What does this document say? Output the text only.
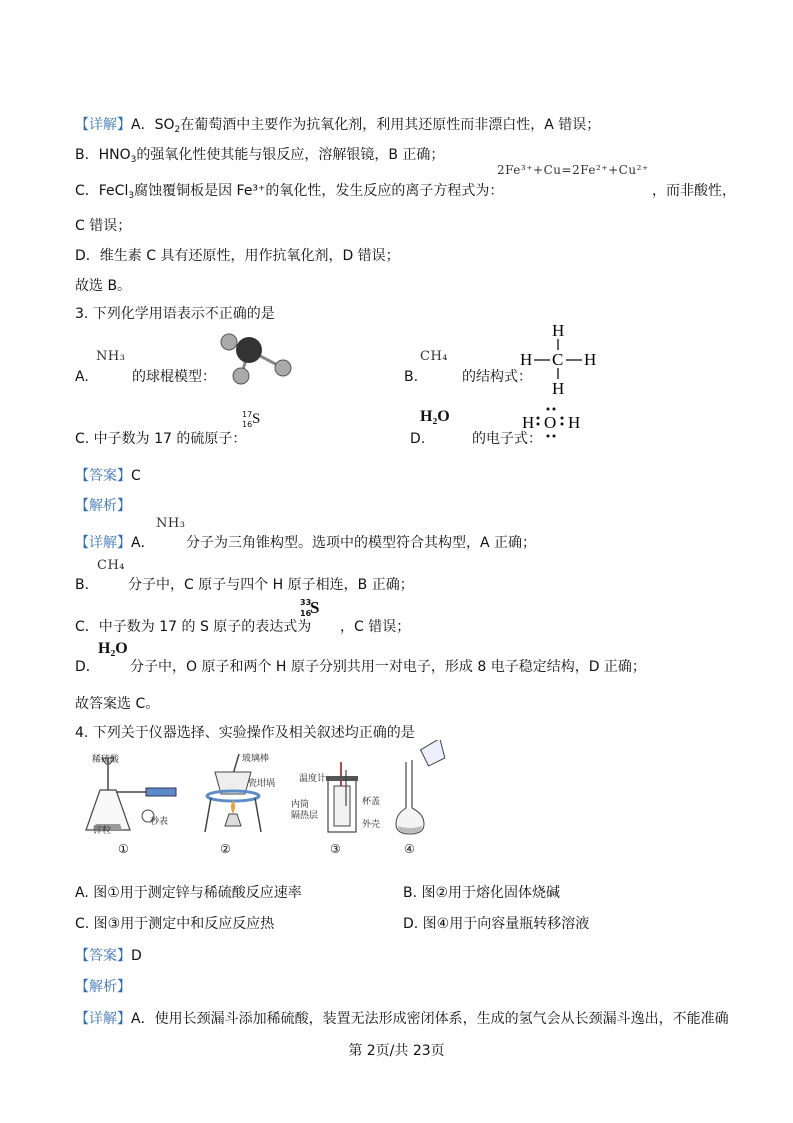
【详解】A．$SO_2$在葡萄酒中主要作为抗氧化剂，利用其还原性而非漂白性，A 错误；
B．$HNO_3$的强氧化性使其能与银反应，溶解银镜，B 正确；
C．FeCl$_3$腐蚀覆铜板是因 Fe³⁺的氧化性，发生反应的离子方程式为：
2Fe³⁺+Cu=2Fe²⁺+Cu²⁺
，而非酸性，
C 错误；
D．维生素 C 具有还原性，用作抗氧化剂，D 错误；
故选 B。
3. 下列化学用语表示不正确的是
A.
NH₃
的球棍模型：	B.
CH₄
的结构式：
H
H C H
H
C. 中子数为 17 的硫原子：
17
16 S
D.
H₂O
的电子式：
H O H
【答案】C
【解析】
【详解】A．
NH₃
分子为三角锥构型。选项中的模型符合其构型，A 正确；
B．
CH₄
分子中，C 原子与四个 H 原子相连，B 正确；
C．中子数为 17 的 S 原子的表达式为
33
16
S
，C 错误；
D．
H₂O
分子中，O 原子和两个 H 原子分别共用一对电子，形成 8 电子稳定结构，D 正确；
故答案选 C。
4. 下列关于仪器选择、实验操作及相关叙述均正确的是
稀硫酸
锌粒
秒表
①
玻璃棒
瓷坩埚
②
温度计
杯盖
内筒
隔热层
外壳
③	④
A. 图①用于测定锌与稀硫酸反应速率	B. 图②用于熔化固体烧碱
C. 图③用于测定中和反应反应热	D. 图④用于向容量瓶转移溶液
【答案】D
【解析】
【详解】A．使用长颈漏斗添加稀硫酸，装置无法形成密闭体系，生成的氢气会从长颈漏斗逸出，不能准确
第 2页/共 23页
